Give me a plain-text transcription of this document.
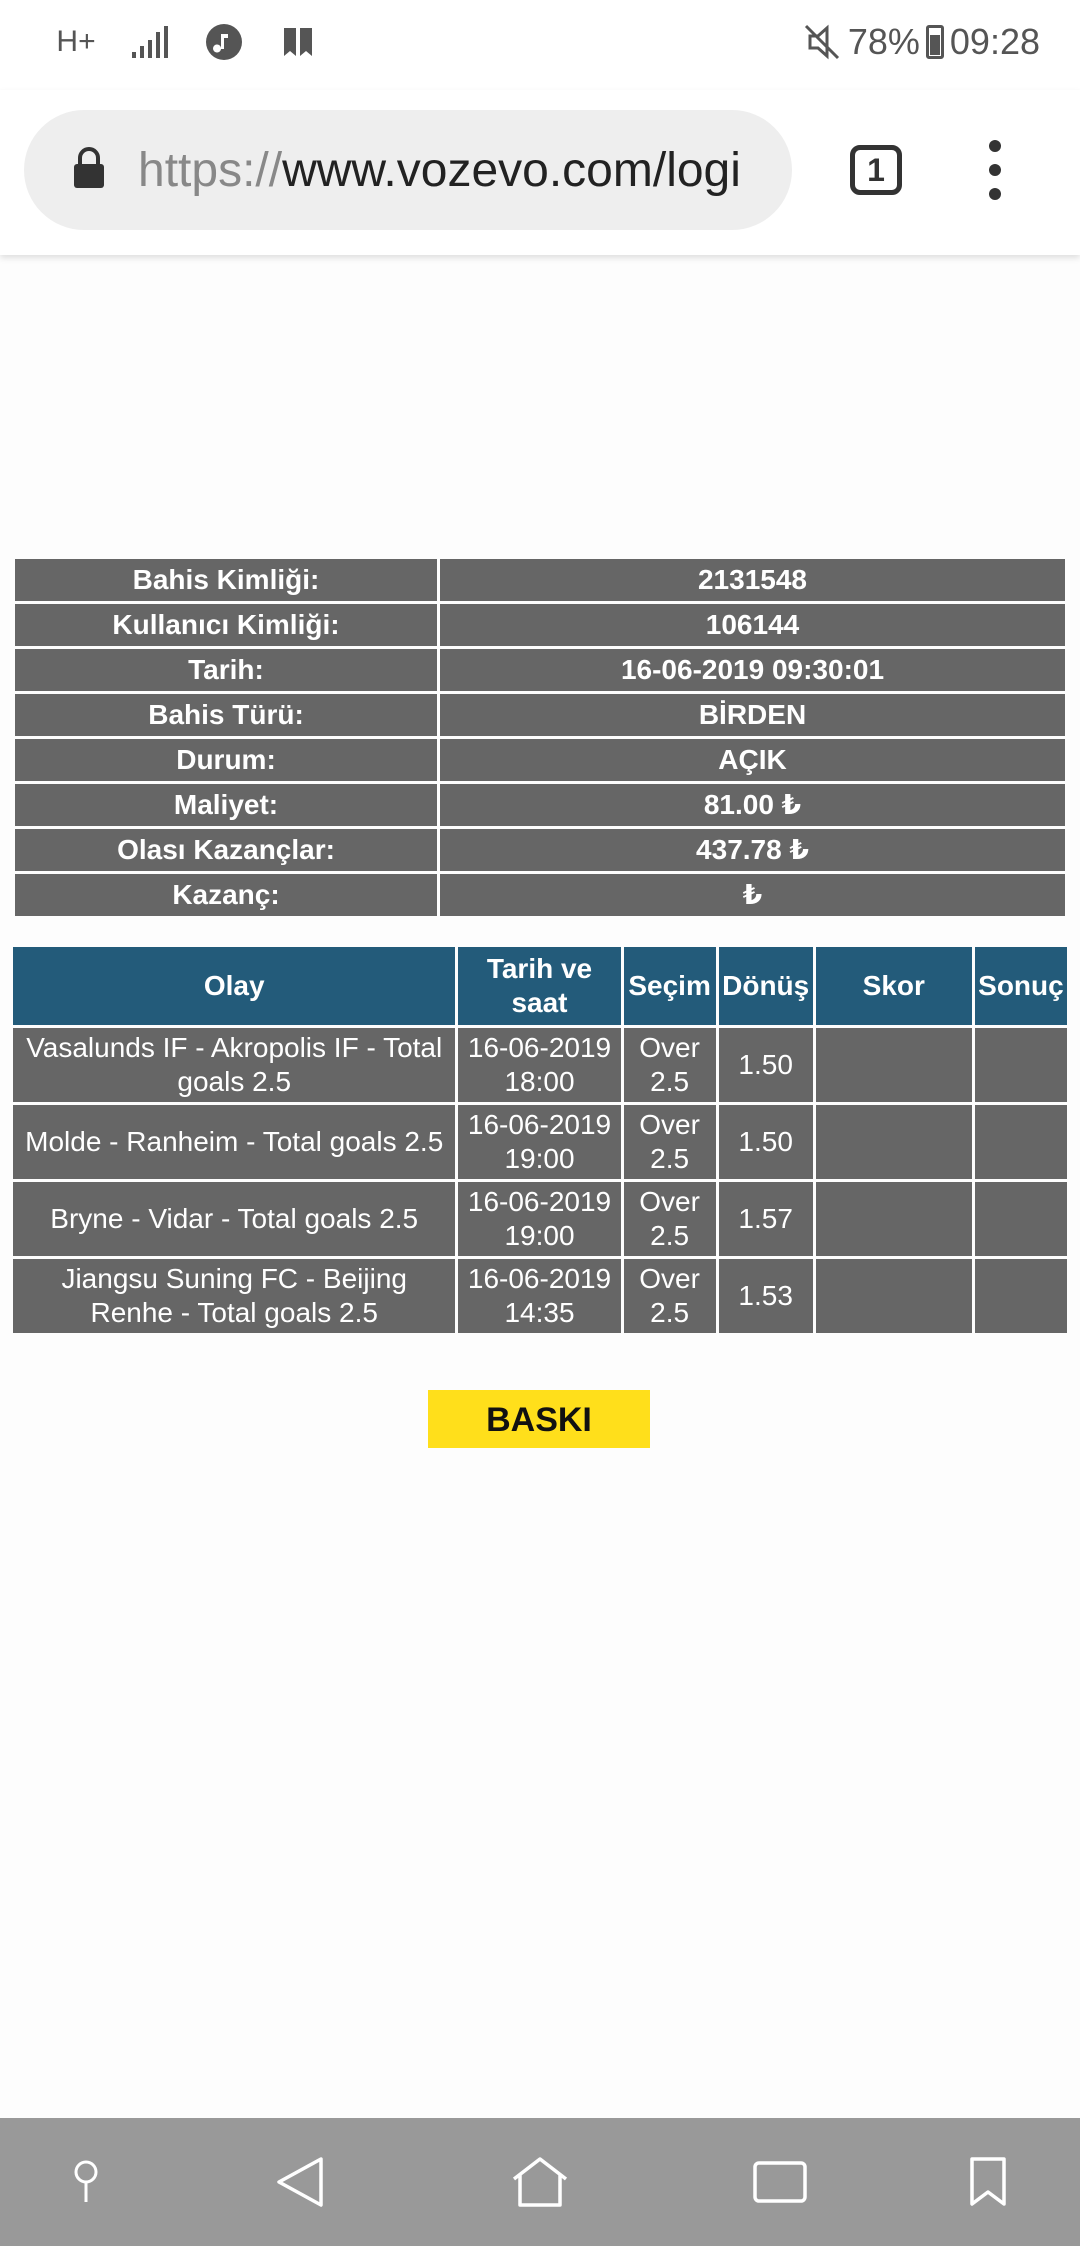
H+	78% 09:28
https://www.vozevo.com/logi	1
Bahis Kimliği:	2131548
Kullanıcı Kimliği:	106144
Tarih:	16-06-2019 09:30:01
Bahis Türü:	BİRDEN
Durum:	AÇIK
Maliyet:	81.00 ₺
Olası Kazançlar:	437.78 ₺
Kazanç:	₺
Olay	Tarih ve saat	Seçim	Dönüş	Skor	Sonuç
Vasalunds IF - Akropolis IF - Total goals 2.5	16-06-2019 18:00	Over 2.5	1.50		
Molde - Ranheim - Total goals 2.5	16-06-2019 19:00	Over 2.5	1.50		
Bryne - Vidar - Total goals 2.5	16-06-2019 19:00	Over 2.5	1.57		
Jiangsu Suning FC - Beijing Renhe - Total goals 2.5	16-06-2019 14:35	Over 2.5	1.53		
BASKI
